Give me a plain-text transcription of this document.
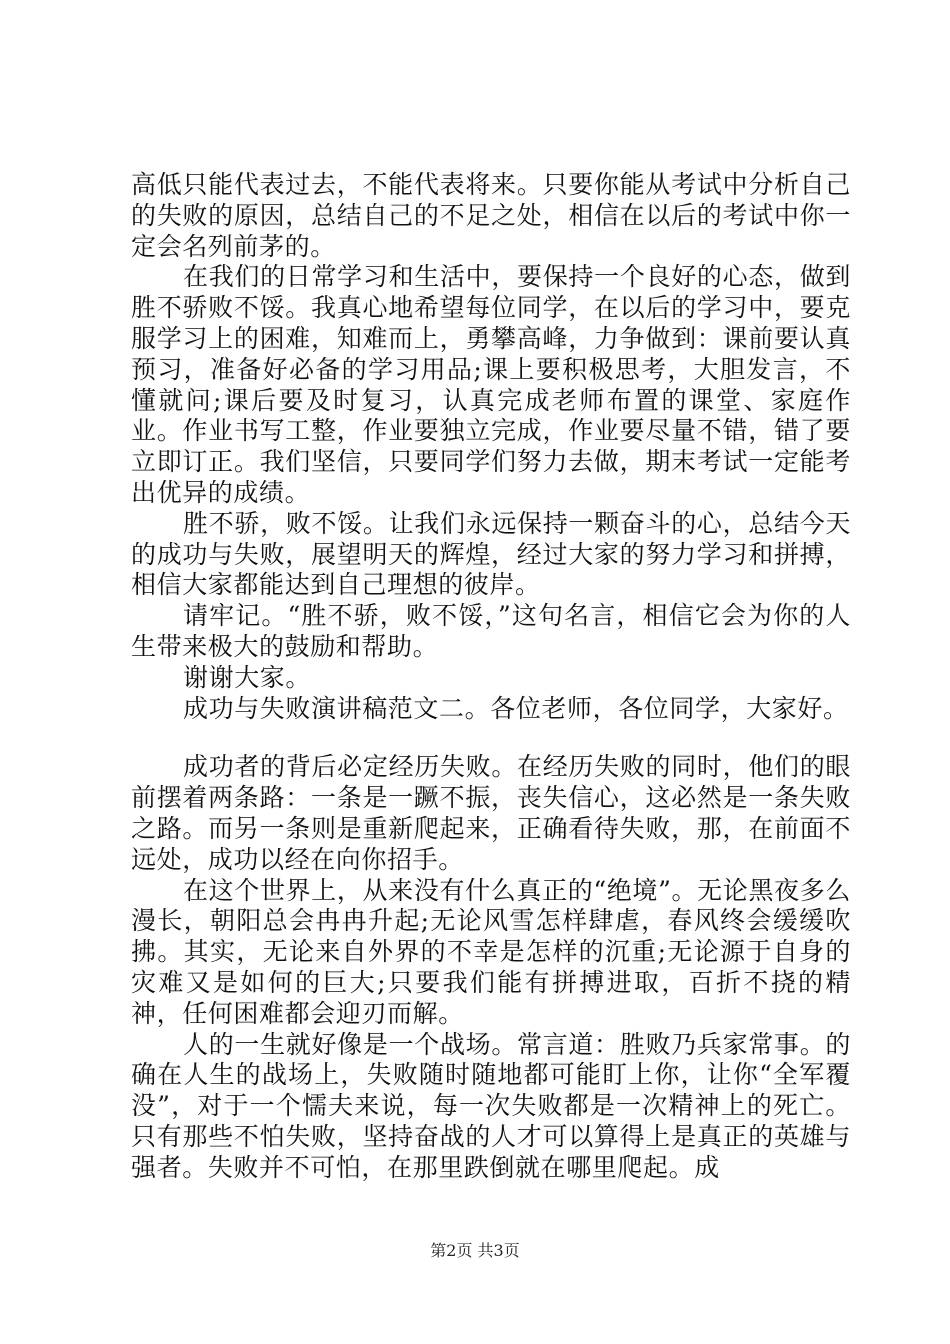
高低只能代表过去，不能代表将来。只要你能从考试中分析自己的失败的原因，总结自己的不足之处，相信在以后的考试中你一定会名列前茅的。

在我们的日常学习和生活中，要保持一个良好的心态，做到胜不骄败不馁。我真心地希望每位同学，在以后的学习中，要克服学习上的困难，知难而上，勇攀高峰，力争做到：课前要认真预习，准备好必备的学习用品;课上要积极思考，大胆发言，不懂就问;课后要及时复习，认真完成老师布置的课堂、家庭作业。作业书写工整，作业要独立完成，作业要尽量不错，错了要立即订正。我们坚信，只要同学们努力去做，期末考试一定能考出优异的成绩。

胜不骄，败不馁。让我们永远保持一颗奋斗的心，总结今天的成功与失败，展望明天的辉煌，经过大家的努力学习和拼搏，相信大家都能达到自己理想的彼岸。

请牢记。“胜不骄，败不馁，”这句名言，相信它会为你的人生带来极大的鼓励和帮助。

谢谢大家。

成功与失败演讲稿范文二。各位老师，各位同学，大家好。

成功者的背后必定经历失败。在经历失败的同时，他们的眼前摆着两条路：一条是一蹶不振，丧失信心，这必然是一条失败之路。而另一条则是重新爬起来，正确看待失败，那，在前面不远处，成功以经在向你招手。

在这个世界上，从来没有什么真正的“绝境”。无论黑夜多么漫长，朝阳总会冉冉升起;无论风雪怎样肆虐，春风终会缓缓吹拂。其实，无论来自外界的不幸是怎样的沉重;无论源于自身的灾难又是如何的巨大;只要我们能有拼搏进取，百折不挠的精神，任何困难都会迎刃而解。

人的一生就好像是一个战场。常言道：胜败乃兵家常事。的确在人生的战场上，失败随时随地都可能盯上你，让你“全军覆没”，对于一个懦夫来说，每一次失败都是一次精神上的死亡。只有那些不怕失败，坚持奋战的人才可以算得上是真正的英雄与强者。失败并不可怕，在那里跌倒就在哪里爬起。成

第2页 共3页
